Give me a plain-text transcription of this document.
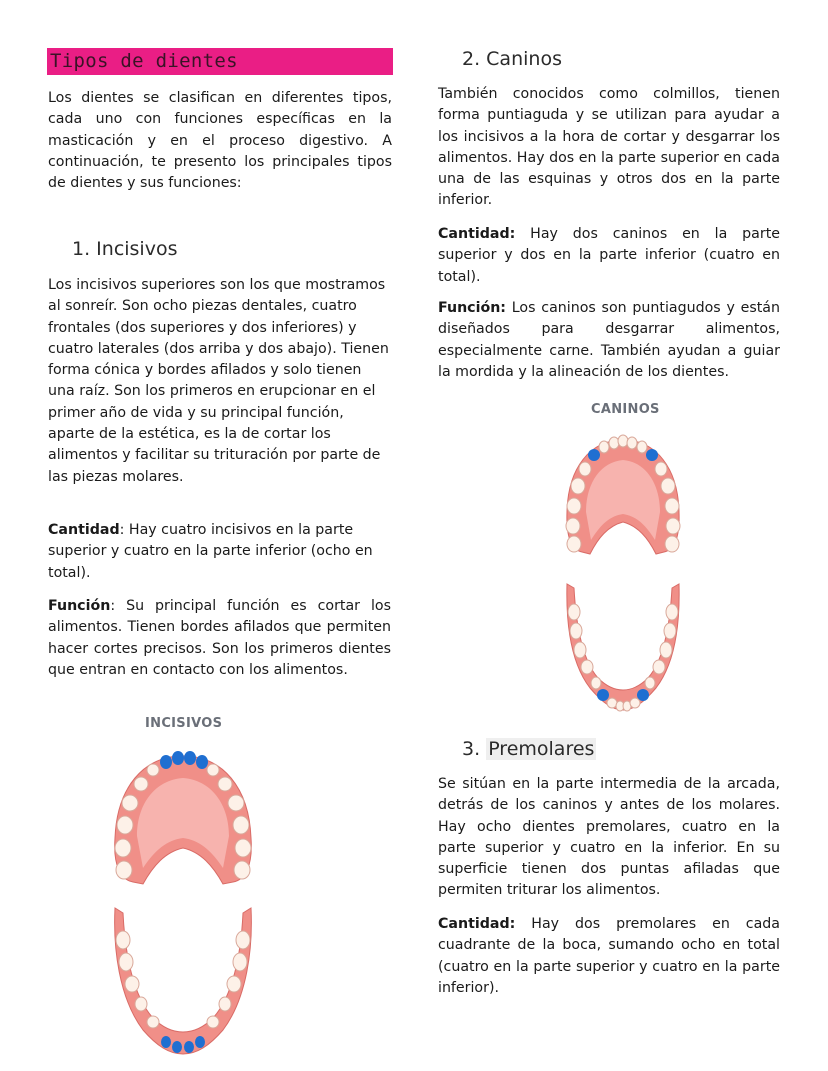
Tipos de dientes

Los dientes se clasifican en diferentes tipos, cada uno con funciones específicas en la masticación y en el proceso digestivo. A continuación, te presento los principales tipos de dientes y sus funciones:

1. Incisivos

Los incisivos superiores son los que mostramos al sonreír. Son ocho piezas dentales, cuatro frontales (dos superiores y dos inferiores) y cuatro laterales (dos arriba y dos abajo). Tienen forma cónica y bordes afilados y solo tienen una raíz. Son los primeros en erupcionar en el primer año de vida y su principal función, aparte de la estética, es la de cortar los alimentos y facilitar su trituración por parte de las piezas molares.

Cantidad: Hay cuatro incisivos en la parte superior y cuatro en la parte inferior (ocho en total).

Función: Su principal función es cortar los alimentos. Tienen bordes afilados que permiten hacer cortes precisos. Son los primeros dientes que entran en contacto con los alimentos.

INCISIVOS
2. Caninos

También conocidos como colmillos, tienen forma puntiaguda y se utilizan para ayudar a los incisivos a la hora de cortar y desgarrar los alimentos. Hay dos en la parte superior en cada una de las esquinas y otros dos en la parte inferior.

Cantidad: Hay dos caninos en la parte superior y dos en la parte inferior (cuatro en total).

Función: Los caninos son puntiagudos y están diseñados para desgarrar alimentos, especialmente carne. También ayudan a guiar la mordida y la alineación de los dientes.

CANINOS
3. Premolares

Se sitúan en la parte intermedia de la arcada, detrás de los caninos y antes de los molares. Hay ocho dientes premolares, cuatro en la parte superior y cuatro en la inferior. En su superficie tienen dos puntas afiladas que permiten triturar los alimentos.

Cantidad: Hay dos premolares en cada cuadrante de la boca, sumando ocho en total (cuatro en la parte superior y cuatro en la parte inferior).
